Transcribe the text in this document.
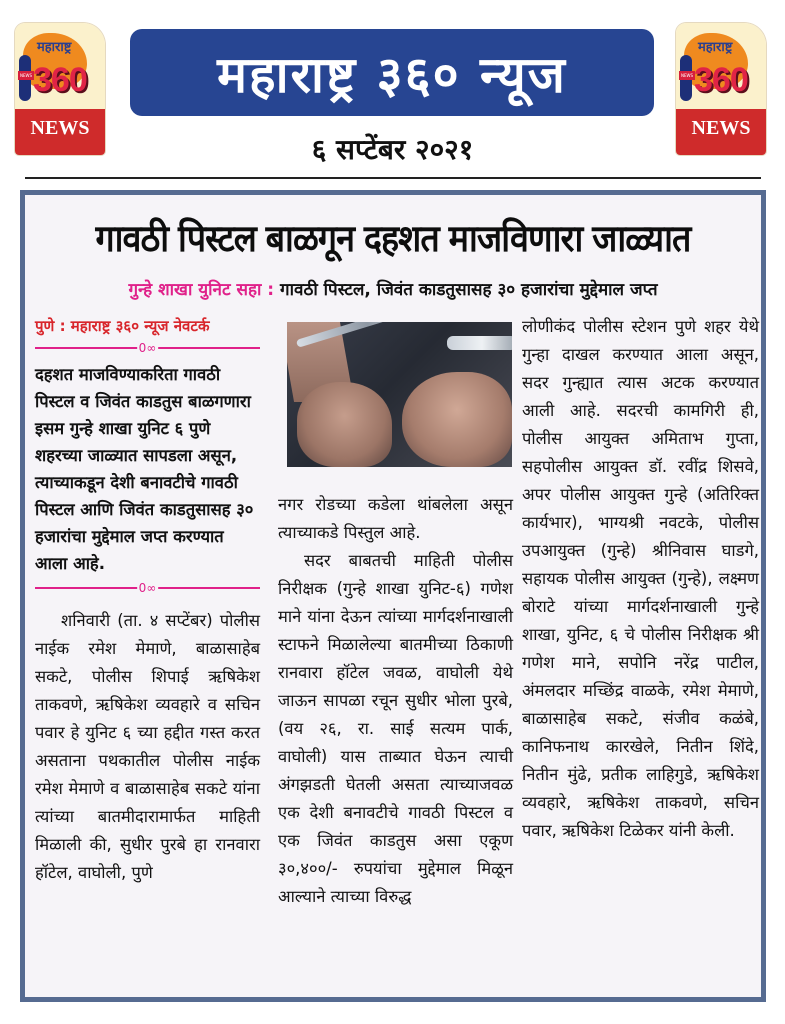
महाराष्ट्र
NEWS 360
NEWS
महाराष्ट्र ३६० न्यूज	महाराष्ट्र
NEWS 360
NEWS
६ सप्टेंबर २०२१
गावठी पिस्टल बाळगून दहशत माजविणारा जाळ्यात
गुन्हे शाखा युनिट सहा : गावठी पिस्टल, जिवंत काडतुसासह ३० हजारांचा मुद्देमाल जप्त
पुणे : महाराष्ट्र ३६० न्यूज नेवटर्क
0∞

दहशत माजविण्याकरिता गावठी पिस्टल व जिवंत काडतुस बाळगणारा इसम गुन्हे शाखा युनिट ६ पुणे शहरच्या जाळ्यात सापडला असून, त्याच्याकडून देशी बनावटीचे गावठी पिस्टल आणि जिवंत काडतुसासह ३० हजारांचा मुद्देमाल जप्त करण्यात आला आहे.

0∞

शनिवारी (ता. ४ सप्टेंबर) पोलीस नाईक रमेश मेमाणे, बाळासाहेब सकटे, पोलीस शिपाई ऋषिकेश ताकवणे, ऋषिकेश व्यवहारे व सचिन पवार हे युनिट ६ च्या हद्दीत गस्त करत असताना पथकातील पोलीस नाईक रमेश मेमाणे व बाळासाहेब सकटे यांना त्यांच्या बातमीदारामार्फत माहिती मिळाली की, सुधीर पुरबे हा रानवारा हॉटेल, वाघोली, पुणे

नगर रोडच्या कडेला थांबलेला असून त्याच्याकडे पिस्तुल आहे.

सदर बाबतची माहिती पोलीस निरीक्षक (गुन्हे शाखा युनिट-६) गणेश माने यांना देऊन त्यांच्या मार्गदर्शनाखाली स्टाफने मिळालेल्या बातमीच्या ठिकाणी रानवारा हॉटेल जवळ, वाघोली येथे जाऊन सापळा रचून सुधीर भोला पुरबे, (वय २६, रा. साई सत्यम पार्क, वाघोली) यास ताब्यात घेऊन त्याची अंगझडती घेतली असता त्याच्याजवळ एक देशी बनावटीचे गावठी पिस्टल व एक जिवंत काडतुस असा एकूण ३०,४००/- रुपयांचा मुद्देमाल मिळून आल्याने त्याच्या विरुद्ध

लोणीकंद पोलीस स्टेशन पुणे शहर येथे गुन्हा दाखल करण्यात आला असून, सदर गुन्ह्यात त्यास अटक करण्यात आली आहे. सदरची कामगिरी ही, पोलीस आयुक्त अमिताभ गुप्ता, सहपोलीस आयुक्त डॉ. रवींद्र शिसवे, अपर पोलीस आयुक्त गुन्हे (अतिरिक्त कार्यभार), भाग्यश्री नवटके, पोलीस उपआयुक्त (गुन्हे) श्रीनिवास घाडगे, सहायक पोलीस आयुक्त (गुन्हे), लक्ष्मण बोराटे यांच्या मार्गदर्शनाखाली गुन्हे शाखा, युनिट, ६ चे पोलीस निरीक्षक श्री गणेश माने, सपोनि नरेंद्र पाटील, अंमलदार मच्छिंद्र वाळके, रमेश मेमाणे, बाळासाहेब सकटे, संजीव कळंबे, कानिफनाथ कारखेले, नितीन शिंदे, नितीन मुंढे, प्रतीक लाहिगुडे, ऋषिकेश व्यवहारे, ऋषिकेश ताकवणे, सचिन पवार, ऋषिकेश टिळेकर यांनी केली.
